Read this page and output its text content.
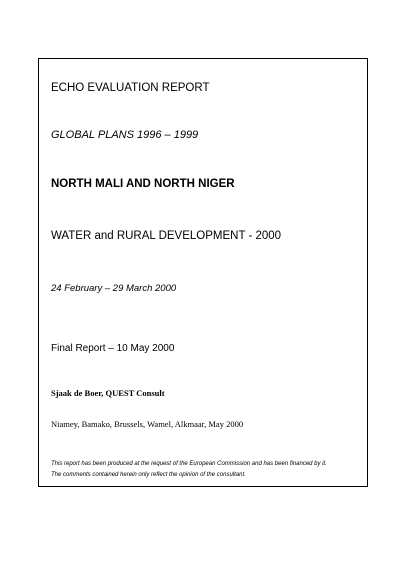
ECHO EVALUATION REPORT
GLOBAL PLANS 1996 – 1999
NORTH MALI AND NORTH NIGER
WATER and RURAL DEVELOPMENT - 2000
24 February – 29 March 2000
Final Report – 10 May 2000
Sjaak de Boer, QUEST Consult
Niamey, Bamako, Brussels, Wamel, Alkmaar, May 2000
This report has been produced at the request of the European Commission and has been financed by it.
The comments contained herein only reflect the opinion of the consultant.
